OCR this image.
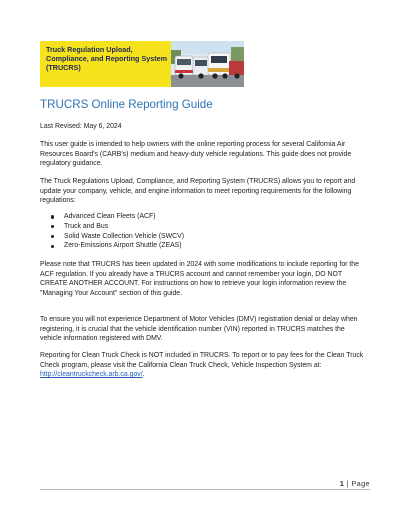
Truck Regulation Upload, Compliance, and Reporting System (TRUCRS)

TRUCRS Online Reporting Guide

Last Revised: May 6, 2024

This user guide is intended to help owners with the online reporting process for several California Air Resources Board's (CARB's) medium and heavy-duty vehicle regulations. This guide does not provide regulatory guidance.

The Truck Regulations Upload, Compliance, and Reporting System (TRUCRS) allows you to report and update your company, vehicle, and engine information to meet reporting requirements for the following regulations:

Advanced Clean Fleets (ACF)
Truck and Bus
Solid Waste Collection Vehicle (SWCV)
Zero-Emissions Airport Shuttle (ZEAS)

Please note that TRUCRS has been updated in 2024 with some modifications to include reporting for the ACF regulation. If you already have a TRUCRS account and cannot remember your login, DO NOT CREATE ANOTHER ACCOUNT. For instructions on how to retrieve your login information review the "Managing Your Account" section of this guide.

To ensure you will not experience Department of Motor Vehicles (DMV) registration denial or delay when registering, it is crucial that the vehicle identification number (VIN) reported in TRUCRS matches the vehicle information registered with DMV.

Reporting for Clean Truck Check is NOT included in TRUCRS. To report or to pay fees for the Clean Truck Check program, please visit the California Clean Truck Check, Vehicle Inspection System at: http://cleantruckcheck.arb.ca.gov/.

1 | Page
